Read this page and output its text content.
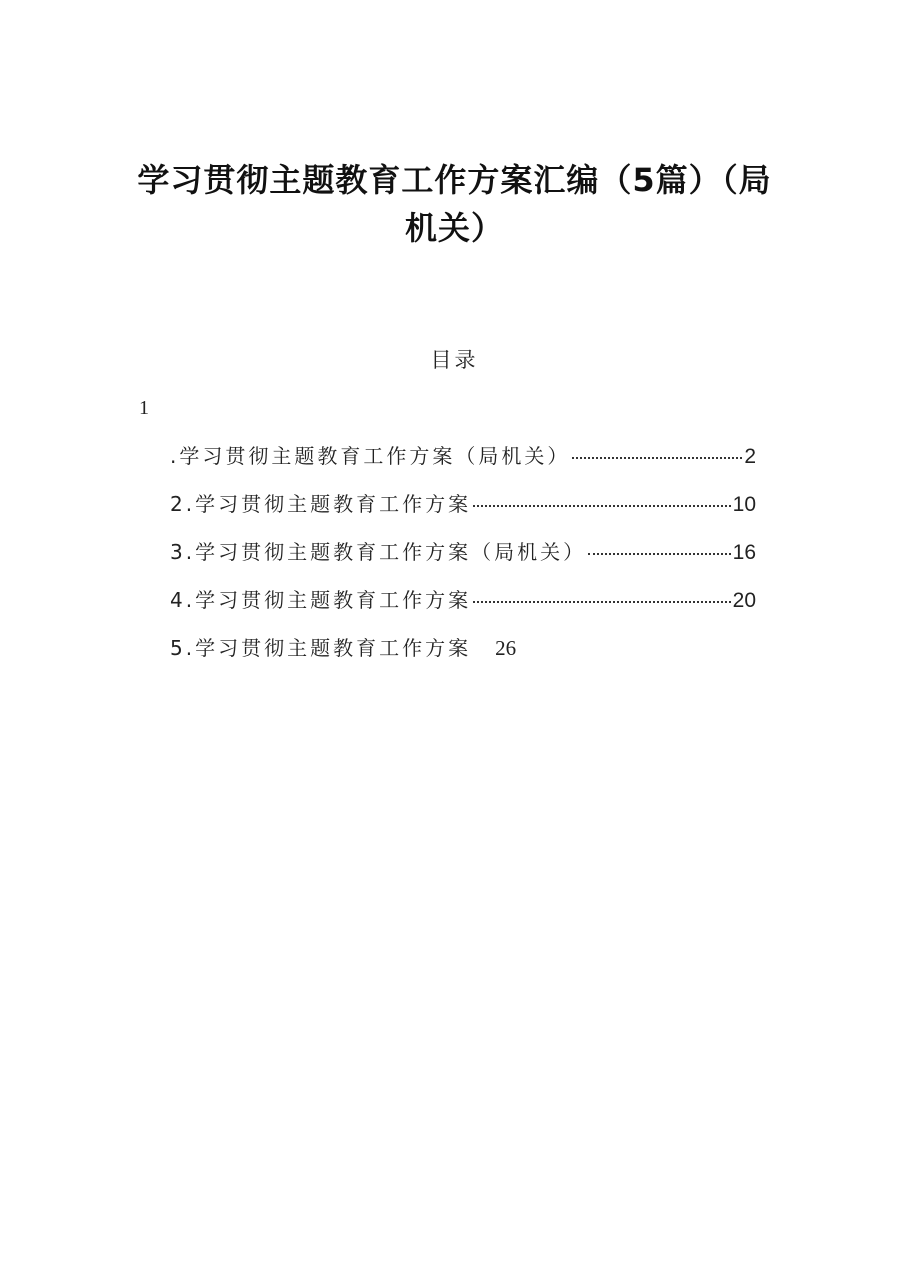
学习贯彻主题教育工作方案汇编（5篇）（局
机关）
目录
1
.学习贯彻主题教育工作方案（局机关）	2
2.学习贯彻主题教育工作方案	10
3.学习贯彻主题教育工作方案（局机关）	16
4.学习贯彻主题教育工作方案	20
5.学习贯彻主题教育工作方案 26
